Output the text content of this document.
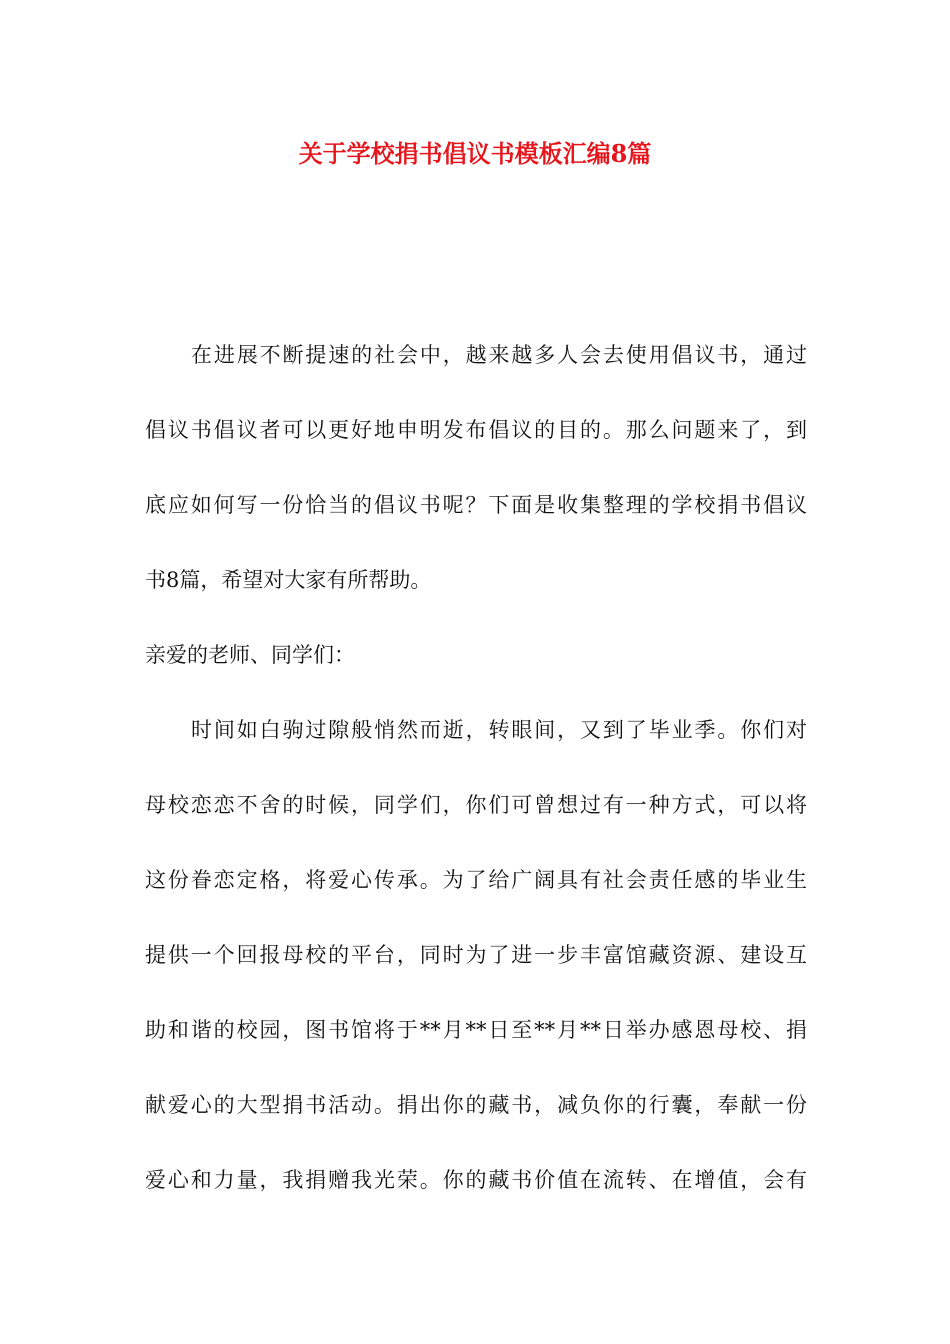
关于学校捐书倡议书模板汇编8篇
在进展不断提速的社会中，越来越多人会去使用倡议书，通过
倡议书倡议者可以更好地申明发布倡议的目的。那么问题来了，到
底应如何写一份恰当的倡议书呢？下面是收集整理的学校捐书倡议
书8篇，希望对大家有所帮助。
亲爱的老师、同学们：
时间如白驹过隙般悄然而逝，转眼间，又到了毕业季。你们对
母校恋恋不舍的时候，同学们，你们可曾想过有一种方式，可以将
这份眷恋定格，将爱心传承。为了给广阔具有社会责任感的毕业生
提供一个回报母校的平台，同时为了进一步丰富馆藏资源、建设互
助和谐的校园，图书馆将于**月**日至**月**日举办感恩母校、捐
献爱心的大型捐书活动。捐出你的藏书，减负你的行囊，奉献一份
爱心和力量，我捐赠我光荣。你的藏书价值在流转、在增值，会有
